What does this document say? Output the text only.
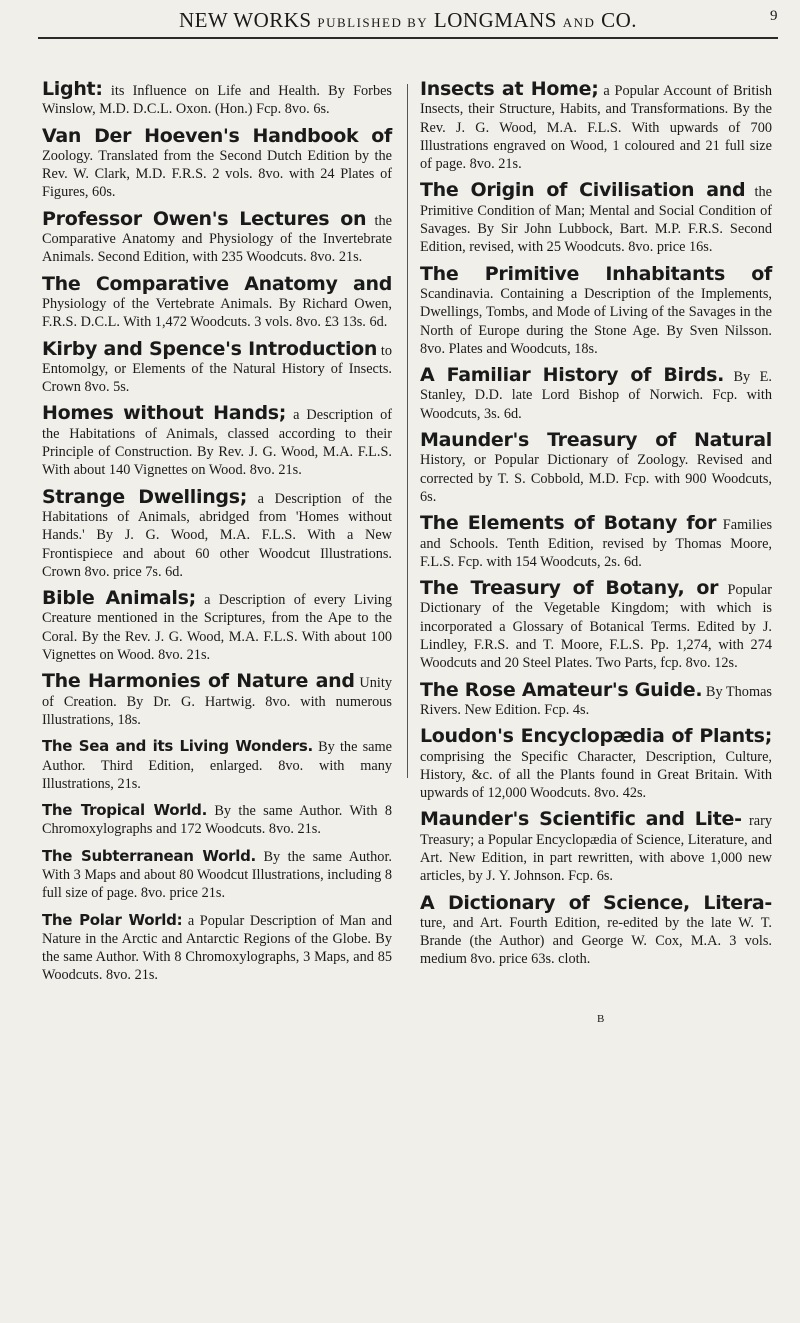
NEW WORKS PUBLISHED BY LONGMANS AND CO.	9

Light: its Influence on Life and Health. By Forbes Winslow, M.D. D.C.L. Oxon. (Hon.) Fcp. 8vo. 6s.

Van Der Hoeven's Handbook of Zoology. Translated from the Second Dutch Edition by the Rev. W. Clark, M.D. F.R.S. 2 vols. 8vo. with 24 Plates of Figures, 60s.

Professor Owen's Lectures on the Comparative Anatomy and Physiology of the Invertebrate Animals. Second Edition, with 235 Woodcuts. 8vo. 21s.

The Comparative Anatomy and Physiology of the Vertebrate Animals. By Richard Owen, F.R.S. D.C.L. With 1,472 Woodcuts. 3 vols. 8vo. £3 13s. 6d.

Kirby and Spence's Introduction to Entomolgy, or Elements of the Natural History of Insects. Crown 8vo. 5s.

Homes without Hands; a Description of the Habitations of Animals, classed according to their Principle of Construction. By Rev. J. G. Wood, M.A. F.L.S. With about 140 Vignettes on Wood. 8vo. 21s.

Strange Dwellings; a Description of the Habitations of Animals, abridged from 'Homes without Hands.' By J. G. Wood, M.A. F.L.S. With a New Frontispiece and about 60 other Woodcut Illustrations. Crown 8vo. price 7s. 6d.

Bible Animals; a Description of every Living Creature mentioned in the Scriptures, from the Ape to the Coral. By the Rev. J. G. Wood, M.A. F.L.S. With about 100 Vignettes on Wood. 8vo. 21s.

The Harmonies of Nature and Unity of Creation. By Dr. G. Hartwig. 8vo. with numerous Illustrations, 18s.

The Sea and its Living Wonders. By the same Author. Third Edition, enlarged. 8vo. with many Illustrations, 21s.

The Tropical World. By the same Author. With 8 Chromoxylographs and 172 Woodcuts. 8vo. 21s.

The Subterranean World. By the same Author. With 3 Maps and about 80 Woodcut Illustrations, including 8 full size of page. 8vo. price 21s.

The Polar World: a Popular Description of Man and Nature in the Arctic and Antarctic Regions of the Globe. By the same Author. With 8 Chromoxylographs, 3 Maps, and 85 Woodcuts. 8vo. 21s.

Insects at Home; a Popular Account of British Insects, their Structure, Habits, and Transformations. By the Rev. J. G. Wood, M.A. F.L.S. With upwards of 700 Illustrations engraved on Wood, 1 coloured and 21 full size of page. 8vo. 21s.

The Origin of Civilisation and the Primitive Condition of Man; Mental and Social Condition of Savages. By Sir John Lubbock, Bart. M.P. F.R.S. Second Edition, revised, with 25 Woodcuts. 8vo. price 16s.

The Primitive Inhabitants of Scandinavia. Containing a Description of the Implements, Dwellings, Tombs, and Mode of Living of the Savages in the North of Europe during the Stone Age. By Sven Nilsson. 8vo. Plates and Woodcuts, 18s.

A Familiar History of Birds. By E. Stanley, D.D. late Lord Bishop of Norwich. Fcp. with Woodcuts, 3s. 6d.

Maunder's Treasury of Natural History, or Popular Dictionary of Zoology. Revised and corrected by T. S. Cobbold, M.D. Fcp. with 900 Woodcuts, 6s.

The Elements of Botany for Families and Schools. Tenth Edition, revised by Thomas Moore, F.L.S. Fcp. with 154 Woodcuts, 2s. 6d.

The Treasury of Botany, or Popular Dictionary of the Vegetable Kingdom; with which is incorporated a Glossary of Botanical Terms. Edited by J. Lindley, F.R.S. and T. Moore, F.L.S. Pp. 1,274, with 274 Woodcuts and 20 Steel Plates. Two Parts, fcp. 8vo. 12s.

The Rose Amateur's Guide. By Thomas Rivers. New Edition. Fcp. 4s.

Loudon's Encyclopædia of Plants; comprising the Specific Character, Description, Culture, History, &c. of all the Plants found in Great Britain. With upwards of 12,000 Woodcuts. 8vo. 42s.

Maunder's Scientific and Lite- rary Treasury; a Popular Encyclopædia of Science, Literature, and Art. New Edition, in part rewritten, with above 1,000 new articles, by J. Y. Johnson. Fcp. 6s.

A Dictionary of Science, Litera- ture, and Art. Fourth Edition, re-edited by the late W. T. Brande (the Author) and George W. Cox, M.A. 3 vols. medium 8vo. price 63s. cloth.

B
